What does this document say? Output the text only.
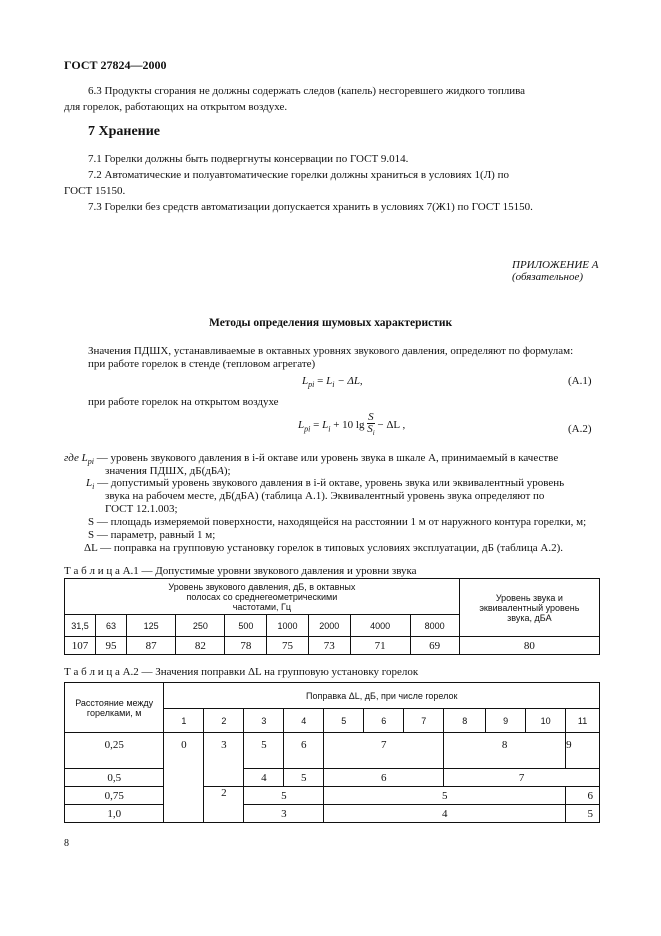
ГОСТ 27824—2000
6.3 Продукты сгорания не должны содержать следов (капель) несгоревшего жидкого топлива
для горелок, работающих на открытом воздухе.
7 Хранение
7.1 Горелки должны быть подвергнуты консервации по ГОСТ 9.014.
7.2 Автоматические и полуавтоматические горелки должны храниться в условиях 1(Л) по
ГОСТ 15150.
7.3 Горелки без средств автоматизации допускается хранить в условиях 7(Ж1) по ГОСТ 15150.
ПРИЛОЖЕНИЕ А
(обязательное)
Методы определения шумовых характеристик
Значения ПДШХ, устанавливаемые в октавных уровнях звукового давления, определяют по формулам:
при работе горелок в стенде (тепловом агрегате)
$L_{pi} = L_i - \Delta L$,	(A.1)
при работе горелок на открытом воздухе
$L_{pi} = L_i + 10$ $\lg \frac{S}{S_i} - \Delta L$ ,	(A.2)
где $L_{pi}$ — уровень звукового давления в i-й октаве или уровень звука в шкале A, принимаемый в качестве
значения ПДШХ, дБ(дБA);
$L_i$ — допустимый уровень звукового давления в i-й октаве, уровень звука или эквивалентный уровень
звука на рабочем месте, дБ(дБA) (таблица А.1). Эквивалентный уровень звука определяют по
ГОСТ 12.1.003;
S — площадь измеряемой поверхности, находящейся на расстоянии 1 м от наружного контура горелки, м;
S — параметр, равный 1 м;
ΔL — поправка на групповую установку горелок в типовых условиях эксплуатации, дБ (таблица А.2).
Т а б л и ц а А.1 — Допустимые уровни звукового давления и уровни звука
Уровень звукового давления, дБ, в октавных полосах со среднегеометрическими частотами, Гц									Уровень звука и эквивалентный уровень звука, дБA
31,5	63	125	250	500	1000	2000	4000	8000	
107	95	87	82	78	75	73	71	69	80
Т а б л и ц а А.2 — Значения поправки ΔL на групповую установку горелок
Расстояние между горелками, м	Поправка ΔL, дБ, при числе горелок										
	1	2	3	4	5	6	7	8	9	10	11
0,25	0	3	5	6	7			8			9
0,5			4	5	6			7			
0,75		2	5		5						6
1,0			3		4						5
8
